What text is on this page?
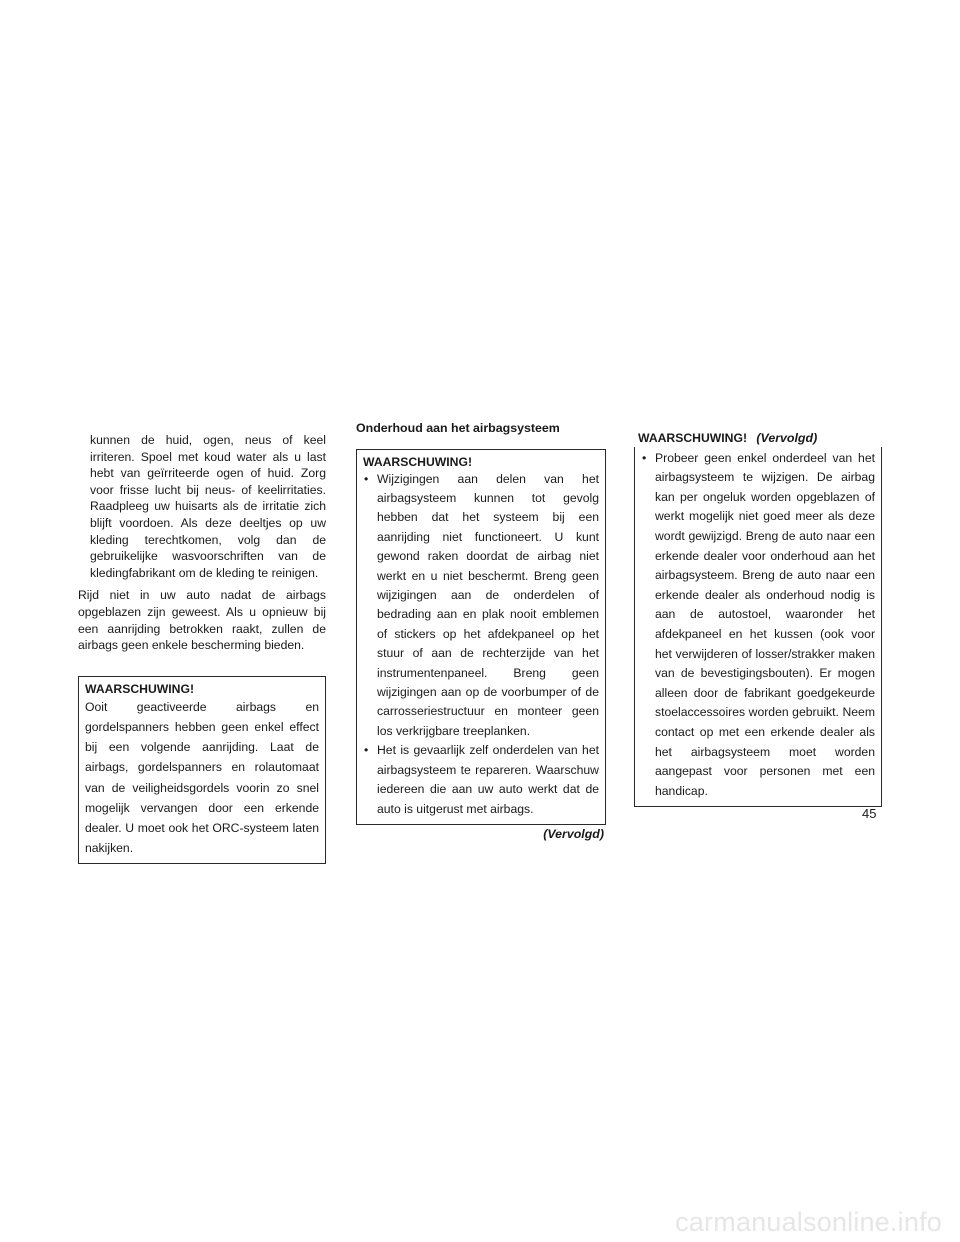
kunnen de huid, ogen, neus of keel irriteren. Spoel met koud water als u last hebt van geïrriteerde ogen of huid. Zorg voor frisse lucht bij neus- of keelirritaties. Raadpleeg uw huisarts als de irritatie zich blijft voordoen. Als deze deeltjes op uw kleding terechtkomen, volg dan de gebruikelijke wasvoorschriften van de kledingfabrikant om de kleding te reinigen.

Rijd niet in uw auto nadat de airbags opgeblazen zijn geweest. Als u opnieuw bij een aanrijding betrokken raakt, zullen de airbags geen enkele bescherming bieden.

WAARSCHUWING!

Ooit geactiveerde airbags en gordelspanners hebben geen enkel effect bij een volgende aanrijding. Laat de airbags, gordelspanners en rolautomaat van de veiligheidsgordels voorin zo snel mogelijk vervangen door een erkende dealer. U moet ook het ORC-systeem laten nakijken.

Onderhoud aan het airbagsysteem

WAARSCHUWING!

• Wijzigingen aan delen van het airbagsysteem kunnen tot gevolg hebben dat het systeem bij een aanrijding niet functioneert. U kunt gewond raken doordat de airbag niet werkt en u niet beschermt. Breng geen wijzigingen aan de onderdelen of bedrading aan en plak nooit emblemen of stickers op het afdekpaneel op het stuur of aan de rechterzijde van het instrumentenpaneel. Breng geen wijzigingen aan op de voorbumper of de carrosseriestructuur en monteer geen los verkrijgbare treeplanken.

• Het is gevaarlijk zelf onderdelen van het airbagsysteem te repareren. Waarschuw iedereen die aan uw auto werkt dat de auto is uitgerust met airbags.

(Vervolgd)

WAARSCHUWING! (Vervolgd)

• Probeer geen enkel onderdeel van het airbagsysteem te wijzigen. De airbag kan per ongeluk worden opgeblazen of werkt mogelijk niet goed meer als deze wordt gewijzigd. Breng de auto naar een erkende dealer voor onderhoud aan het airbagsysteem. Breng de auto naar een erkende dealer als onderhoud nodig is aan de autostoel, waaronder het afdekpaneel en het kussen (ook voor het verwijderen of losser/strakker maken van de bevestigingsbouten). Er mogen alleen door de fabrikant goedgekeurde stoelaccessoires worden gebruikt. Neem contact op met een erkende dealer als het airbagsysteem moet worden aangepast voor personen met een handicap.

45
carmanualsonline.info
